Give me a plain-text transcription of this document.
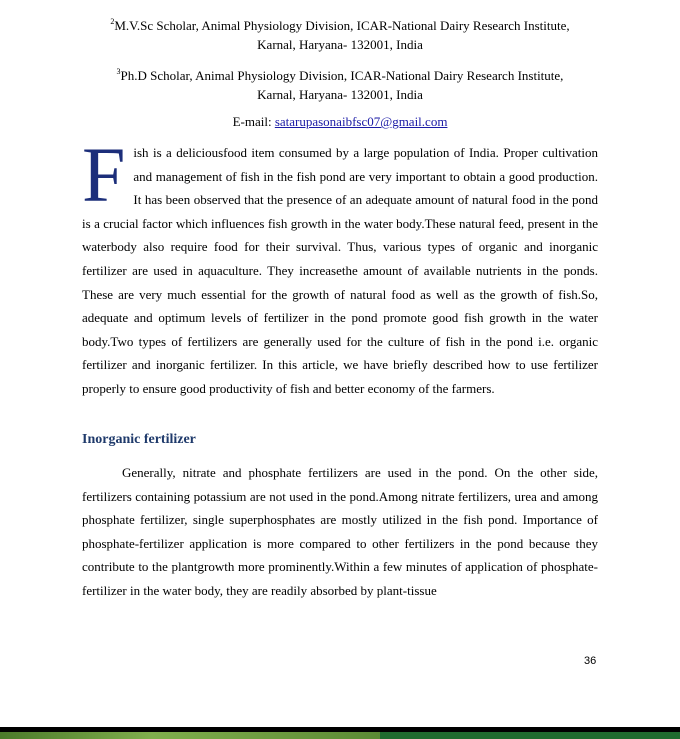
$^2$M.V.Sc Scholar, Animal Physiology Division, ICAR-National Dairy Research Institute,
Karnal, Haryana- 132001, India
$^3$Ph.D Scholar, Animal Physiology Division, ICAR-National Dairy Research Institute,
Karnal, Haryana- 132001, India
E-mail: satarupasonaibfsc07@gmail.com
Fish is a deliciousfood item consumed by a large population of India. Proper cultivation and management of fish in the fish pond are very important to obtain a good production. It has been observed that the presence of an adequate amount of natural food in the pond is a crucial factor which influences fish growth in the water body.These natural feed, present in the waterbody also require food for their survival. Thus, various types of organic and inorganic fertilizer are used in aquaculture. They increasethe amount of available nutrients in the ponds. These are very much essential for the growth of natural food as well as the growth of fish.So, adequate and optimum levels of fertilizer in the pond promote good fish growth in the water body.Two types of fertilizers are generally used for the culture of fish in the pond i.e. organic fertilizer and inorganic fertilizer. In this article, we have briefly described how to use fertilizer properly to ensure good productivity of fish and better economy of the farmers.
Inorganic fertilizer
Generally, nitrate and phosphate fertilizers are used in the pond. On the other side, fertilizers containing potassium are not used in the pond.Among nitrate fertilizers, urea and among phosphate fertilizer, single superphosphates are mostly utilized in the fish pond. Importance of phosphate-fertilizer application is more compared to other fertilizers in the pond because they contribute to the plantgrowth more prominently.Within a few minutes of application of phosphate-fertilizer in the water body, they are readily absorbed by plant-tissue
36
